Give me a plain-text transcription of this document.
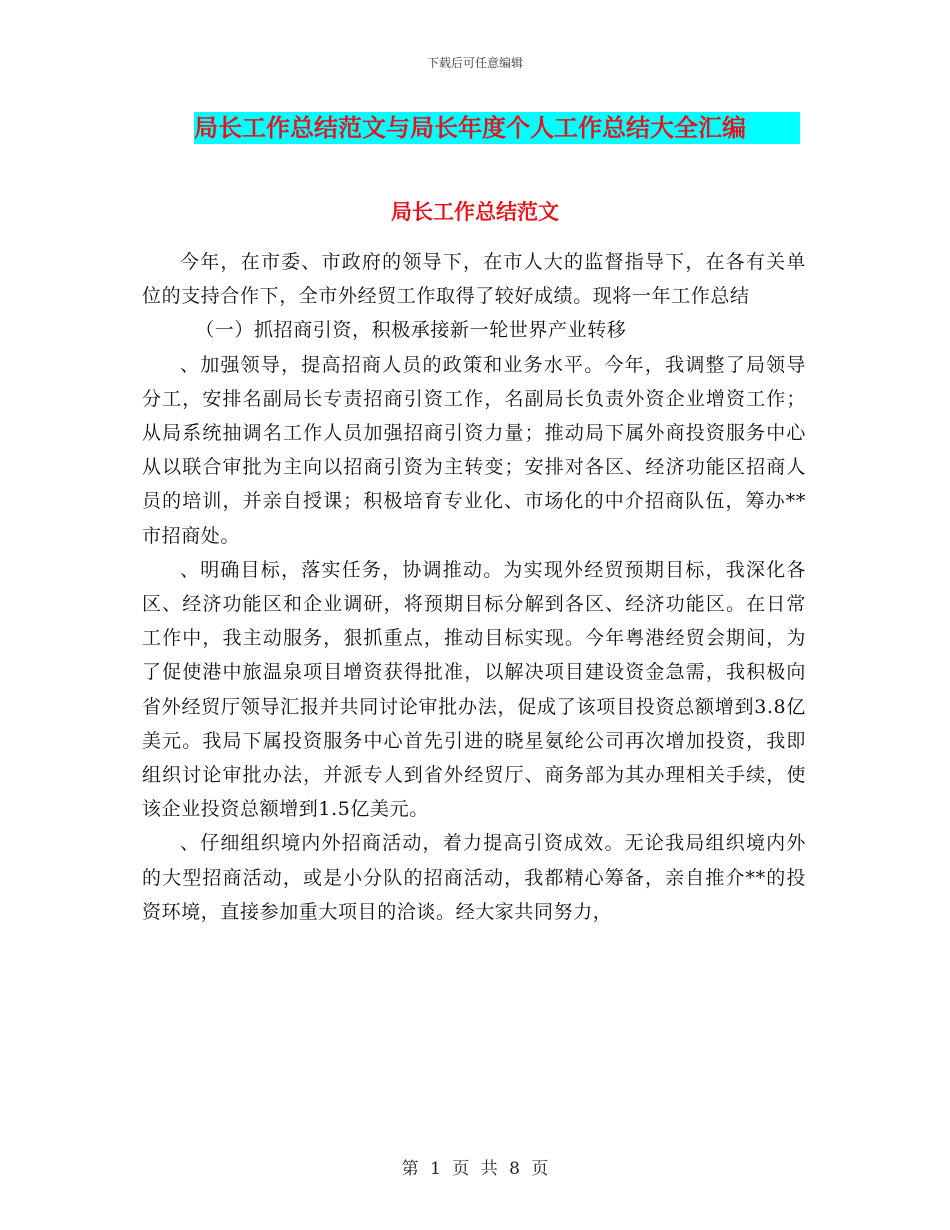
下载后可任意编辑
局长工作总结范文与局长年度个人工作总结大全汇编
局长工作总结范文

今年，在市委、市政府的领导下，在市人大的监督指导下，在各有关单位的支持合作下，全市外经贸工作取得了较好成绩。现将一年工作总结

（一）抓招商引资，积极承接新一轮世界产业转移

、加强领导，提高招商人员的政策和业务水平。今年，我调整了局领导分工，安排名副局长专责招商引资工作，名副局长负责外资企业增资工作；从局系统抽调名工作人员加强招商引资力量；推动局下属外商投资服务中心从以联合审批为主向以招商引资为主转变；安排对各区、经济功能区招商人员的培训，并亲自授课；积极培育专业化、市场化的中介招商队伍，筹办**市招商处。

、明确目标，落实任务，协调推动。为实现外经贸预期目标，我深化各区、经济功能区和企业调研，将预期目标分解到各区、经济功能区。在日常工作中，我主动服务，狠抓重点，推动目标实现。今年粤港经贸会期间，为了促使港中旅温泉项目增资获得批准，以解决项目建设资金急需，我积极向省外经贸厅领导汇报并共同讨论审批办法，促成了该项目投资总额增到3.8亿美元。我局下属投资服务中心首先引进的晓星氨纶公司再次增加投资，我即组织讨论审批办法，并派专人到省外经贸厅、商务部为其办理相关手续，使该企业投资总额增到1.5亿美元。

、仔细组织境内外招商活动，着力提高引资成效。无论我局组织境内外的大型招商活动，或是小分队的招商活动，我都精心筹备，亲自推介**的投资环境，直接参加重大项目的洽谈。经大家共同努力，

第 1 页 共 8 页
